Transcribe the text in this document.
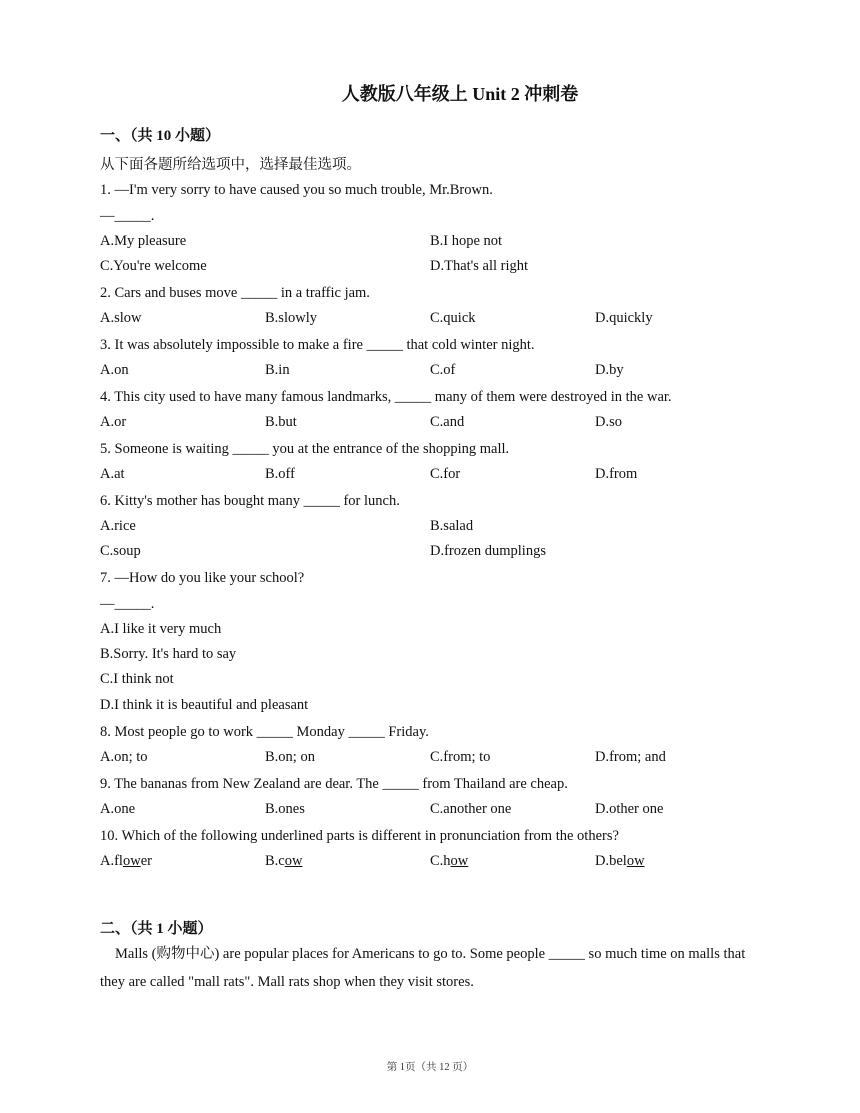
人教版八年级上 Unit 2 冲刺卷
一、（共 10 小题）
从下面各题所给选项中，选择最佳选项。
1. —I'm very sorry to have caused you so much trouble, Mr.Brown.
—_____.
A.My pleasure	B.I hope not
C.You're welcome	D.That's all right
2. Cars and buses move _____ in a traffic jam.
A.slow	B.slowly	C.quick	D.quickly
3. It was absolutely impossible to make a fire _____ that cold winter night.
A.on	B.in	C.of	D.by
4. This city used to have many famous landmarks, _____ many of them were destroyed in the war.
A.or	B.but	C.and	D.so
5. Someone is waiting _____ you at the entrance of the shopping mall.
A.at	B.off	C.for	D.from
6. Kitty's mother has bought many _____ for lunch.
A.rice	B.salad
C.soup	D.frozen dumplings
7. —How do you like your school?
—_____.
A.I like it very much
B.Sorry. It's hard to say
C.I think not
D.I think it is beautiful and pleasant
8. Most people go to work _____ Monday _____ Friday.
A.on; to	B.on; on	C.from; to	D.from; and
9. The bananas from New Zealand are dear. The _____ from Thailand are cheap.
A.one	B.ones	C.another one	D.other one
10. Which of the following underlined parts is different in pronunciation from the others?
A.flower	B.cow	C.how	D.below
二、（共 1 小题）
Malls (购物中心) are popular places for Americans to go to. Some people _____ so much time on malls that they are called "mall rats". Mall rats shop when they visit stores.
第 1页（共 12 页）
